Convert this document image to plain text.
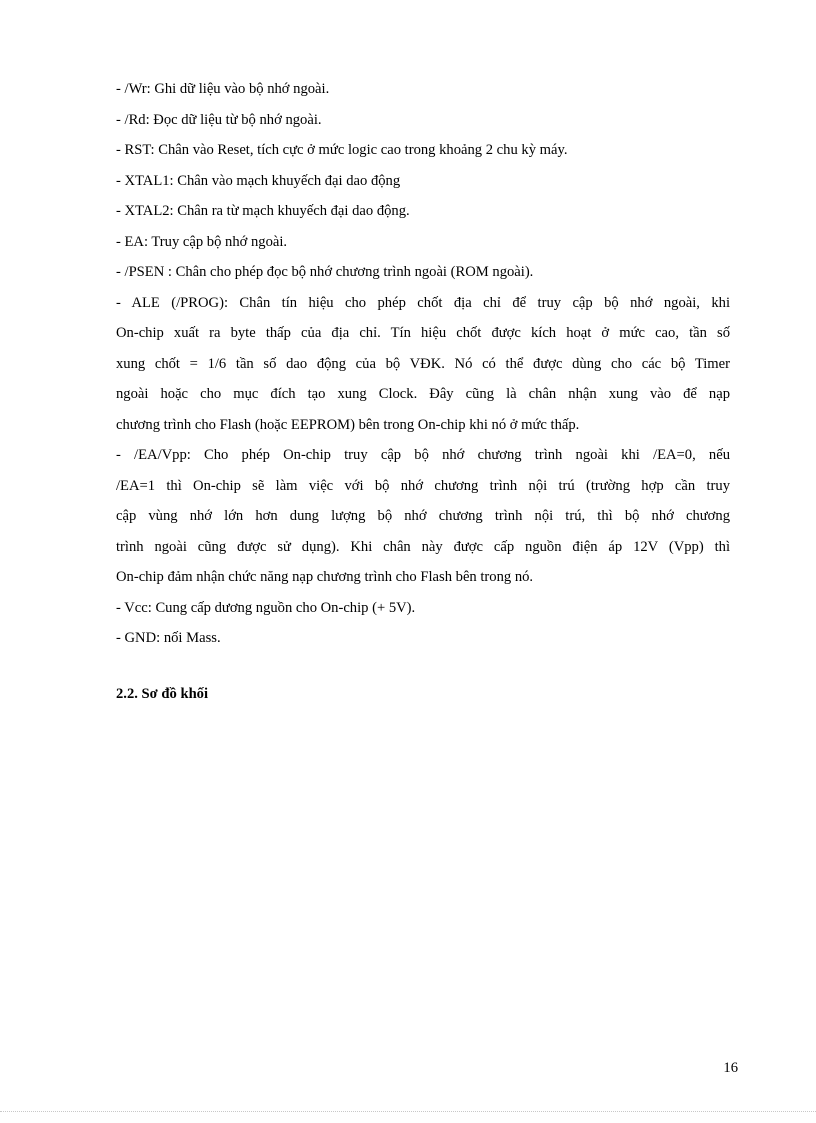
- /Wr: Ghi dữ liệu vào bộ nhớ ngoài.
- /Rd: Đọc dữ liệu từ bộ nhớ ngoài.
- RST: Chân vào Reset, tích cực ở mức logic cao trong khoảng 2 chu kỳ máy.
- XTAL1: Chân vào mạch khuyếch đại dao động
- XTAL2: Chân ra từ mạch khuyếch đại dao động.
- EA: Truy cập bộ nhớ ngoài.
- /PSEN : Chân cho phép đọc bộ nhớ chương trình ngoài (ROM ngoài).
- ALE (/PROG): Chân tín hiệu cho phép chốt địa chỉ để truy cập bộ nhớ ngoài, khi
On-chip xuất ra byte thấp của địa chỉ. Tín hiệu chốt được kích hoạt ở mức cao, tần số
xung chốt = 1/6 tần số dao động của bộ VĐK. Nó có thể được dùng cho các bộ Timer
ngoài hoặc cho mục đích tạo xung Clock. Đây cũng là chân nhận xung vào để nạp
chương trình cho Flash (hoặc EEPROM) bên trong On-chip khi nó ở mức thấp.
- /EA/Vpp: Cho phép On-chip truy cập bộ nhớ chương trình ngoài khi /EA=0, nếu
/EA=1 thì On-chip sẽ làm việc với bộ nhớ chương trình nội trú (trường hợp cần truy
cập vùng nhớ lớn hơn dung lượng bộ nhớ chương trình nội trú, thì bộ nhớ chương
trình ngoài cũng được sử dụng). Khi chân này được cấp nguồn điện áp 12V (Vpp) thì
On-chip đảm nhận chức năng nạp chương trình cho Flash bên trong nó.
- Vcc: Cung cấp dương nguồn cho On-chip (+ 5V).
- GND: nối Mass.
2.2. Sơ đồ khối
16
